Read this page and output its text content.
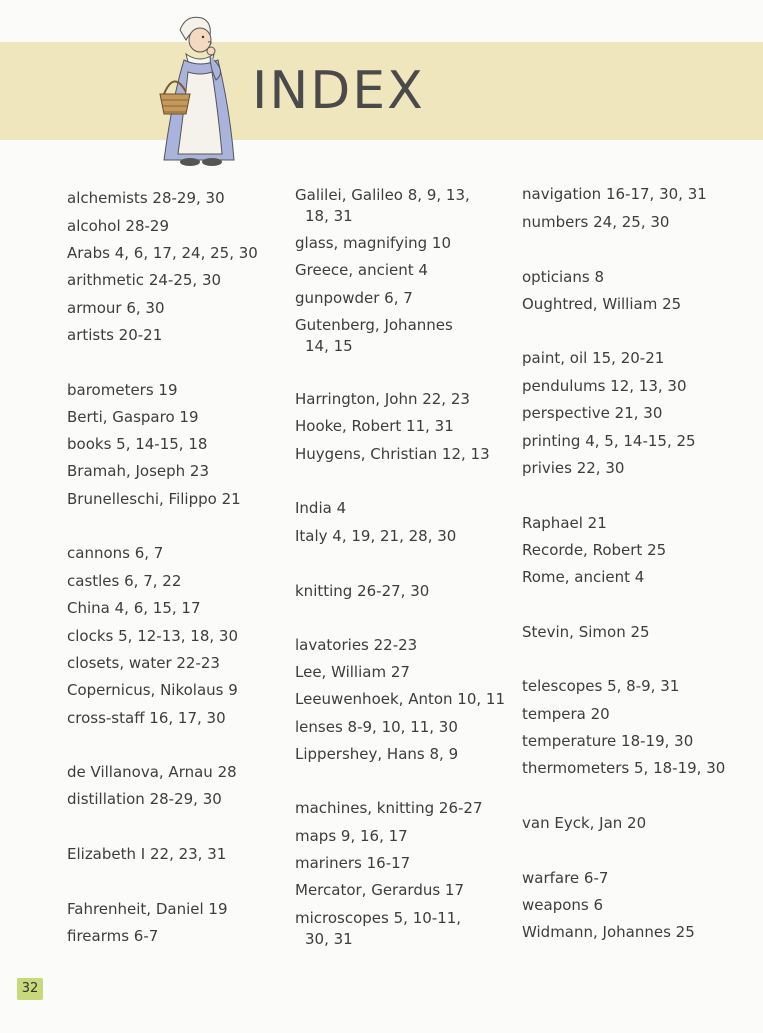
INDEX
alchemists 28-29, 30
alcohol 28-29
Arabs 4, 6, 17, 24, 25, 30
arithmetic 24-25, 30
armour 6, 30
artists 20-21
barometers 19
Berti, Gasparo 19
books 5, 14-15, 18
Bramah, Joseph 23
Brunelleschi, Filippo 21
cannons 6, 7
castles 6, 7, 22
China 4, 6, 15, 17
clocks 5, 12-13, 18, 30
closets, water 22-23
Copernicus, Nikolaus 9
cross-staff 16, 17, 30
de Villanova, Arnau 28
distillation 28-29, 30
Elizabeth I 22, 23, 31
Fahrenheit, Daniel 19
firearms 6-7
Galilei, Galileo 8, 9, 13,
18, 31
glass, magnifying 10
Greece, ancient 4
gunpowder 6, 7
Gutenberg, Johannes
14, 15
Harrington, John 22, 23
Hooke, Robert 11, 31
Huygens, Christian 12, 13
India 4
Italy 4, 19, 21, 28, 30
knitting 26-27, 30
lavatories 22-23
Lee, William 27
Leeuwenhoek, Anton 10, 11
lenses 8-9, 10, 11, 30
Lippershey, Hans 8, 9
machines, knitting 26-27
maps 9, 16, 17
mariners 16-17
Mercator, Gerardus 17
microscopes 5, 10-11,
30, 31
navigation 16-17, 30, 31
numbers 24, 25, 30
opticians 8
Oughtred, William 25
paint, oil 15, 20-21
pendulums 12, 13, 30
perspective 21, 30
printing 4, 5, 14-15, 25
privies 22, 30
Raphael 21
Recorde, Robert 25
Rome, ancient 4
Stevin, Simon 25
telescopes 5, 8-9, 31
tempera 20
temperature 18-19, 30
thermometers 5, 18-19, 30
van Eyck, Jan 20
warfare 6-7
weapons 6
Widmann, Johannes 25
32
